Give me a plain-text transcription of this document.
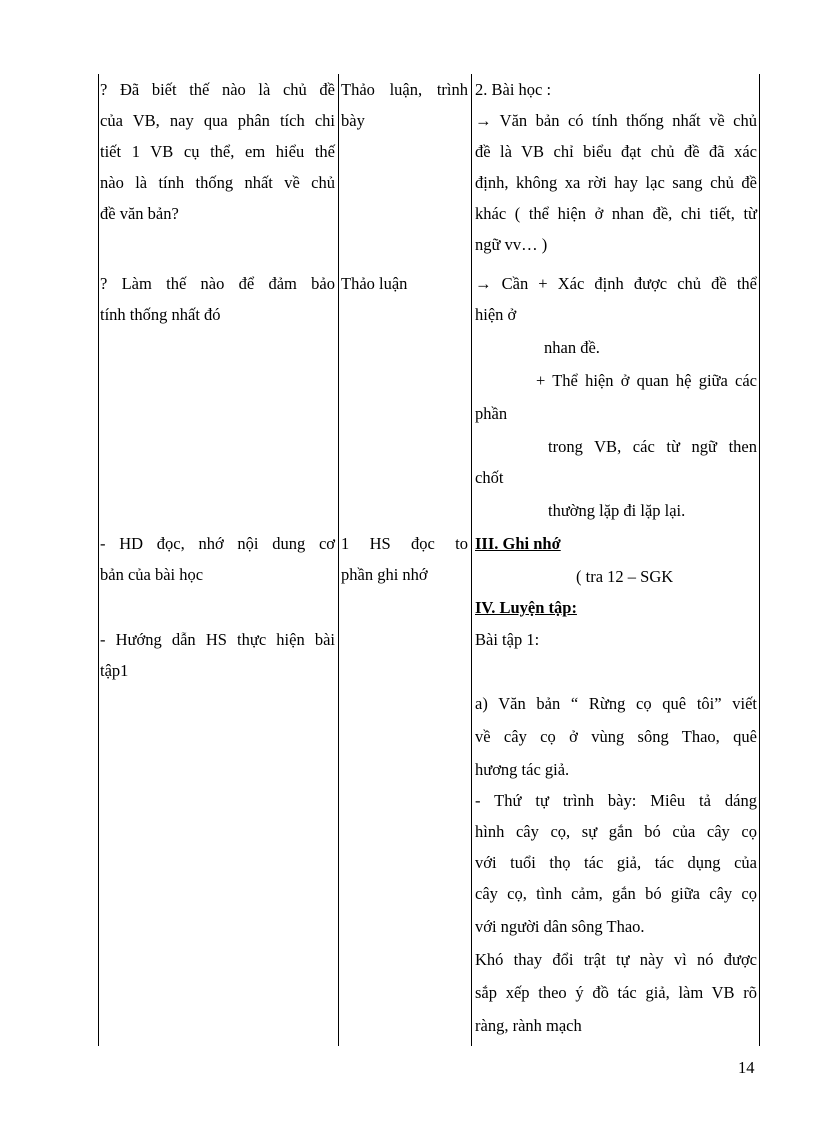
? Đã biết thế nào là chủ đề
của VB, nay qua phân tích chi
tiết 1 VB cụ thể, em hiểu thế
nào là tính thống nhất về chủ
đề văn bản?
? Làm thế nào để đảm bảo
tính thống nhất đó
- HD đọc, nhớ nội dung cơ
bản của bài học
- Hướng dẫn HS thực hiện bài
tập1
Thảo luận, trình
bày
Thảo luận
1 HS đọc to
phần ghi nhớ
2. Bài học :
→ Văn bản có tính thống nhất về chủ
đề là VB chỉ biểu đạt chủ đề đã xác
định, không xa rời hay lạc sang chủ đề
khác ( thể hiện ở nhan đề, chi tiết, từ
ngữ vv… )
→ Cần + Xác định được chủ đề thể
hiện ở
nhan đề.
+ Thể hiện ở quan hệ giữa các
phần
trong VB, các từ ngữ then
chốt
thường lặp đi lặp lại.
III. Ghi nhớ
( tra 12 – SGK
IV. Luyện tập:
Bài tập 1:
a) Văn bản “ Rừng cọ quê tôi” viết
về cây cọ ở vùng sông Thao, quê
hương tác giả.
- Thứ tự trình bày: Miêu tả dáng
hình cây cọ, sự gắn bó của cây cọ
với tuổi thọ tác giả, tác dụng của
cây cọ, tình cảm, gắn bó giữa cây cọ
với người dân sông Thao.
Khó thay đổi trật tự này vì nó được
sắp xếp theo ý đồ tác giả, làm VB rõ
ràng, rành mạch
14
